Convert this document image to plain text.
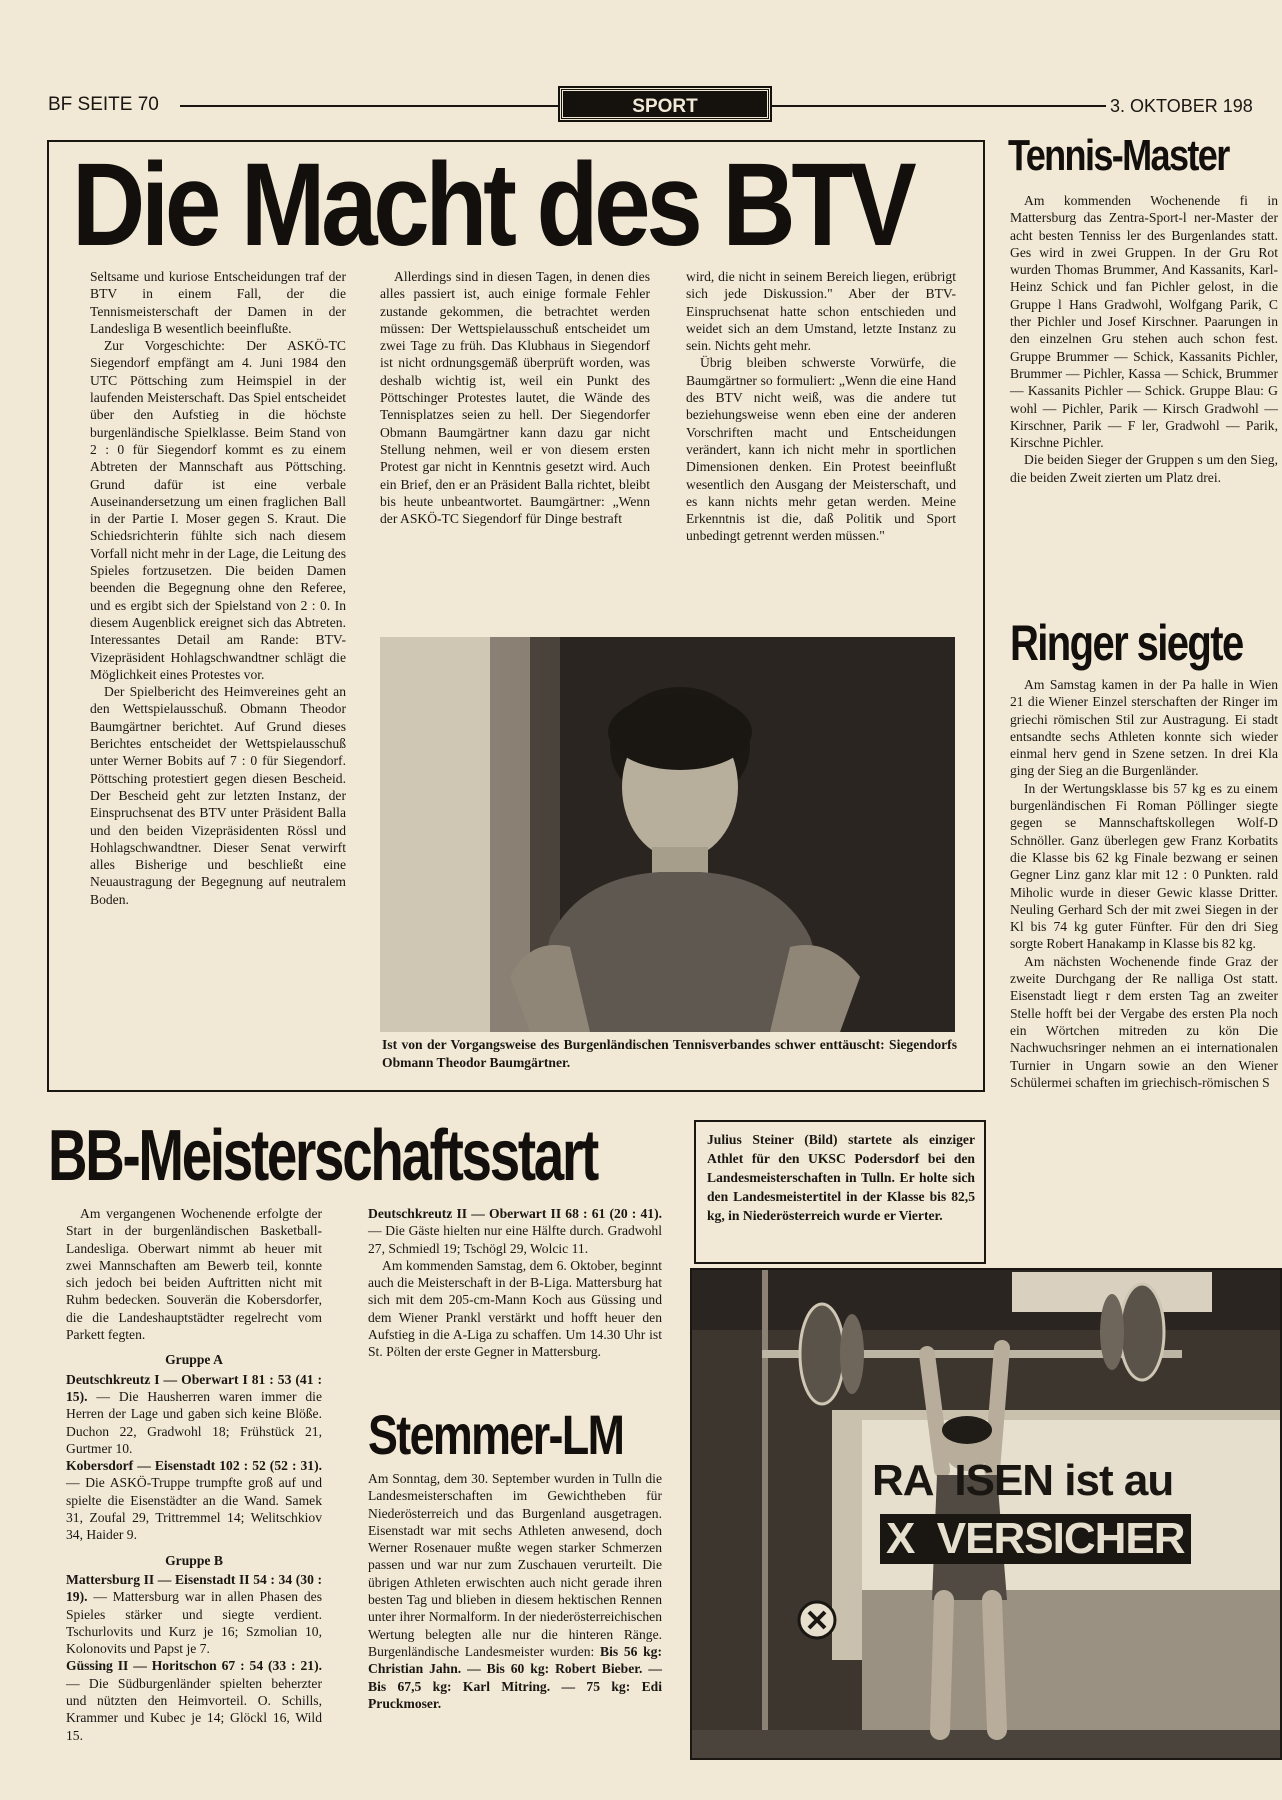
BF SEITE 70	SPORT	3. OKTOBER 198
Die Macht des BTV

Seltsame und kuriose Entscheidungen traf der BTV in einem Fall, der die Tennismeisterschaft der Damen in der Landesliga B wesentlich beeinflußte.

Zur Vorgeschichte: Der ASKÖ-TC Siegendorf empfängt am 4. Juni 1984 den UTC Pöttsching zum Heimspiel in der laufenden Meisterschaft. Das Spiel entscheidet über den Aufstieg in die höchste burgenländische Spielklasse. Beim Stand von 2 : 0 für Siegendorf kommt es zu einem Abtreten der Mannschaft aus Pöttsching. Grund dafür ist eine verbale Auseinandersetzung um einen fraglichen Ball in der Partie I. Moser gegen S. Kraut. Die Schiedsrichterin fühlte sich nach diesem Vorfall nicht mehr in der Lage, die Leitung des Spieles fortzusetzen. Die beiden Damen beenden die Begegnung ohne den Referee, und es ergibt sich der Spielstand von 2 : 0. In diesem Augenblick ereignet sich das Abtreten. Interessantes Detail am Rande: BTV-Vizepräsident Hohlagschwandtner schlägt die Möglichkeit eines Protestes vor.

Der Spielbericht des Heimvereines geht an den Wettspielausschuß. Obmann Theodor Baumgärtner berichtet. Auf Grund dieses Berichtes entscheidet der Wettspielausschuß unter Werner Bobits auf 7 : 0 für Siegendorf. Pöttsching protestiert gegen diesen Bescheid. Der Bescheid geht zur letzten Instanz, der Einspruchsenat des BTV unter Präsident Balla und den beiden Vizepräsidenten Rössl und Hohlagschwandtner. Dieser Senat verwirft alles Bisherige und beschließt eine Neuaustragung der Begegnung auf neutralem Boden.

Allerdings sind in diesen Tagen, in denen dies alles passiert ist, auch einige formale Fehler zustande gekommen, die betrachtet werden müssen: Der Wettspielausschuß entscheidet um zwei Tage zu früh. Das Klubhaus in Siegendorf ist nicht ordnungsgemäß überprüft worden, was deshalb wichtig ist, weil ein Punkt des Pöttschinger Protestes lautet, die Wände des Tennisplatzes seien zu hell. Der Siegendorfer Obmann Baumgärtner kann dazu gar nicht Stellung nehmen, weil er von diesem ersten Protest gar nicht in Kenntnis gesetzt wird. Auch ein Brief, den er an Präsident Balla richtet, bleibt bis heute unbeantwortet. Baumgärtner: „Wenn der ASKÖ-TC Siegendorf für Dinge bestraft

wird, die nicht in seinem Bereich liegen, erübrigt sich jede Diskussion." Aber der BTV-Einspruchsenat hatte schon entschieden und weidet sich an dem Umstand, letzte Instanz zu sein. Nichts geht mehr.

Übrig bleiben schwerste Vorwürfe, die Baumgärtner so formuliert: „Wenn die eine Hand des BTV nicht weiß, was die andere tut beziehungsweise wenn eben eine der anderen Vorschriften macht und Entscheidungen verändert, kann ich nicht mehr in sportlichen Dimensionen denken. Ein Protest beeinflußt wesentlich den Ausgang der Meisterschaft, und es kann nichts mehr getan werden. Meine Erkenntnis ist die, daß Politik und Sport unbedingt getrennt werden müssen."

Ist von der Vorgangsweise des Burgenländischen Tennisverbandes schwer enttäuscht: Siegendorfs Obmann Theodor Baumgärtner.
Tennis-Master

Am kommenden Wochenende fi in Mattersburg das Zentra-Sport-l ner-Master der acht besten Tenniss ler des Burgenlandes statt. Ges wird in zwei Gruppen. In der Gru Rot wurden Thomas Brummer, And Kassanits, Karl-Heinz Schick und fan Pichler gelost, in die Gruppe l Hans Gradwohl, Wolfgang Parik, C ther Pichler und Josef Kirschner. Paarungen in den einzelnen Gru stehen auch schon fest. Gruppe Brummer — Schick, Kassanits Pichler, Brummer — Pichler, Kassa — Schick, Brummer — Kassanits Pichler — Schick. Gruppe Blau: G wohl — Pichler, Parik — Kirsch Gradwohl — Kirschner, Parik — F ler, Gradwohl — Parik, Kirschne Pichler.

Die beiden Sieger der Gruppen s um den Sieg, die beiden Zweit zierten um Platz drei.

Ringer siegte

Am Samstag kamen in der Pa halle in Wien 21 die Wiener Einzel sterschaften der Ringer im griechi römischen Stil zur Austragung. Ei stadt entsandte sechs Athleten konnte sich wieder einmal herv gend in Szene setzen. In drei Kla ging der Sieg an die Burgenländer.

In der Wertungsklasse bis 57 kg es zu einem burgenländischen Fi Roman Pöllinger siegte gegen se Mannschaftskollegen Wolf-D Schnöller. Ganz überlegen gew Franz Korbatits die Klasse bis 62 kg Finale bezwang er seinen Gegner Linz ganz klar mit 12 : 0 Punkten. rald Miholic wurde in dieser Gewic klasse Dritter. Neuling Gerhard Sch der mit zwei Siegen in der Kl bis 74 kg guter Fünfter. Für den dri Sieg sorgte Robert Hanakamp in Klasse bis 82 kg.

Am nächsten Wochenende finde Graz der zweite Durchgang der Re nalliga Ost statt. Eisenstadt liegt r dem ersten Tag an zweiter Stelle hofft bei der Vergabe des ersten Pla noch ein Wörtchen mitreden zu kön Die Nachwuchsringer nehmen an ei internationalen Turnier in Ungarn sowie an den Wiener Schülermei schaften im griechisch-römischen S

BB-Meisterschaftsstart

Am vergangenen Wochenende erfolgte der Start in der burgenländischen Basketball-Landesliga. Oberwart nimmt ab heuer mit zwei Mannschaften am Bewerb teil, konnte sich jedoch bei beiden Auftritten nicht mit Ruhm bedecken. Souverän die Kobersdorfer, die die Landeshauptstädter regelrecht vom Parkett fegten.

Gruppe A

Deutschkreutz I — Oberwart I 81 : 53 (41 : 15). — Die Hausherren waren immer die Herren der Lage und gaben sich keine Blöße. Duchon 22, Gradwohl 18; Frühstück 21, Gurtmer 10.

Kobersdorf — Eisenstadt 102 : 52 (52 : 31). — Die ASKÖ-Truppe trumpfte groß auf und spielte die Eisenstädter an die Wand. Samek 31, Zoufal 29, Trittremmel 14; Welitschkiov 34, Haider 9.

Gruppe B

Mattersburg II — Eisenstadt II 54 : 34 (30 : 19). — Mattersburg war in allen Phasen des Spieles stärker und siegte verdient. Tschurlovits und Kurz je 16; Szmolian 10, Kolonovits und Papst je 7.

Güssing II — Horitschon 67 : 54 (33 : 21). — Die Südburgenländer spielten beherzter und nützten den Heimvorteil. O. Schills, Krammer und Kubec je 14; Glöckl 16, Wild 15.

Deutschkreutz II — Oberwart II 68 : 61 (20 : 41). — Die Gäste hielten nur eine Hälfte durch. Gradwohl 27, Schmiedl 19; Tschögl 29, Wolcic 11.

Am kommenden Samstag, dem 6. Oktober, beginnt auch die Meisterschaft in der B-Liga. Mattersburg hat sich mit dem 205-cm-Mann Koch aus Güssing und dem Wiener Prankl verstärkt und hofft heuer den Aufstieg in die A-Liga zu schaffen. Um 14.30 Uhr ist St. Pölten der erste Gegner in Mattersburg.

Stemmer-LM

Am Sonntag, dem 30. September wurden in Tulln die Landesmeisterschaften im Gewichtheben für Niederösterreich und das Burgenland ausgetragen. Eisenstadt war mit sechs Athleten anwesend, doch Werner Rosenauer mußte wegen starker Schmerzen passen und war nur zum Zuschauen verurteilt. Die übrigen Athleten erwischten auch nicht gerade ihren besten Tag und blieben in diesem hektischen Rennen unter ihrer Normalform. In der niederösterreichischen Wertung belegten alle nur die hinteren Ränge. Burgenländische Landesmeister wurden: Bis 56 kg: Christian Jahn. — Bis 60 kg: Robert Bieber. — Bis 67,5 kg: Karl Mitring. — 75 kg: Edi Pruckmoser.

Julius Steiner (Bild) startete als einziger Athlet für den UKSC Podersdorf bei den Landesmeisterschaften in Tulln. Er holte sich den Landesmeistertitel in der Klasse bis 82,5 kg, in Niederösterreich wurde er Vierter.
RA  ISEN ist au
X  VERSICHER
